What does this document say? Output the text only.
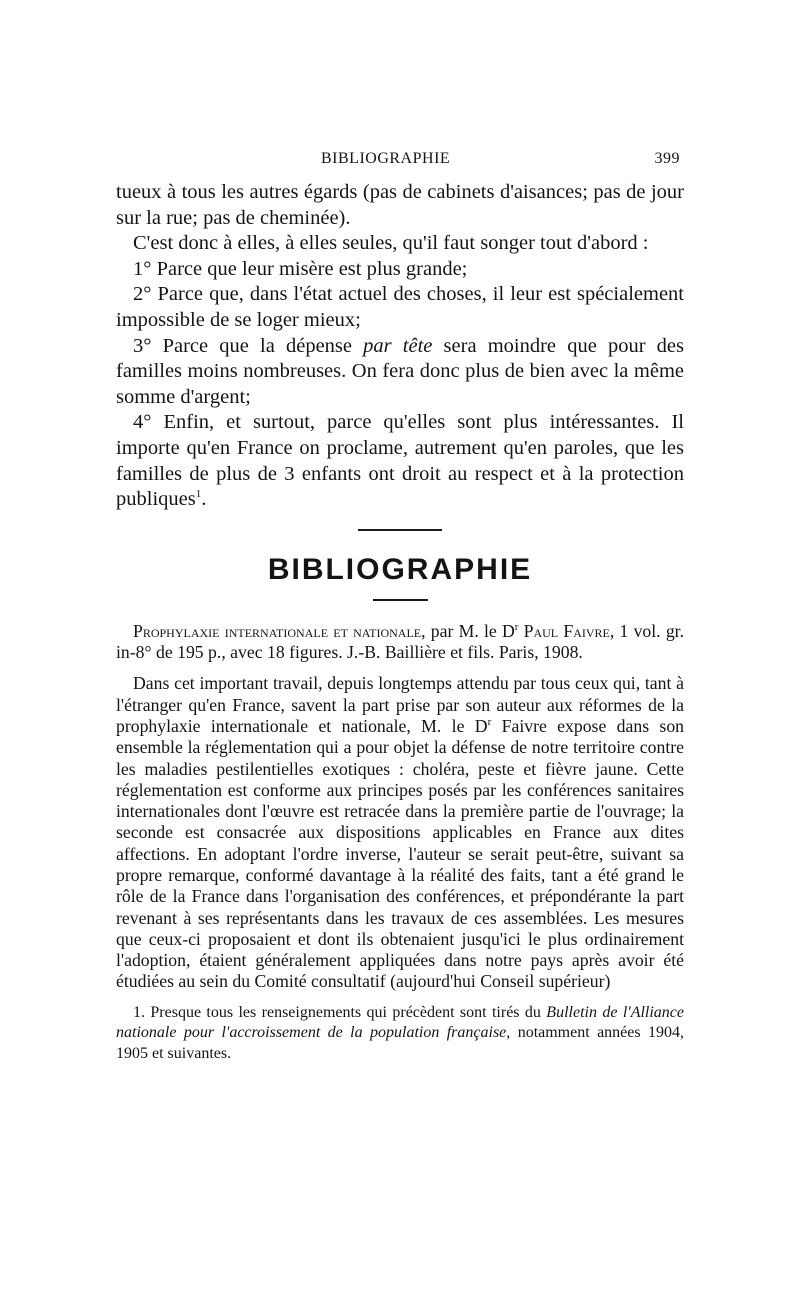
BIBLIOGRAPHIE	399

tueux à tous les autres égards (pas de cabinets d'aisances; pas de jour sur la rue; pas de cheminée).

C'est donc à elles, à elles seules, qu'il faut songer tout d'abord :

1° Parce que leur misère est plus grande;

2° Parce que, dans l'état actuel des choses, il leur est spécialement impossible de se loger mieux;

3° Parce que la dépense par tête sera moindre que pour des familles moins nombreuses. On fera donc plus de bien avec la même somme d'argent;

4° Enfin, et surtout, parce qu'elles sont plus intéressantes. Il importe qu'en France on proclame, autrement qu'en paroles, que les familles de plus de 3 enfants ont droit au respect et à la protection publiques$^1$.

BIBLIOGRAPHIE

Prophylaxie internationale et nationale, par M. le $D^r$ Paul Faivre, 1 vol. gr. in-8° de 195 p., avec 18 figures. J.-B. Baillière et fils. Paris, 1908.

Dans cet important travail, depuis longtemps attendu par tous ceux qui, tant à l'étranger qu'en France, savent la part prise par son auteur aux réformes de la prophylaxie internationale et nationale, M. le $D^r$ Faivre expose dans son ensemble la réglementation qui a pour objet la défense de notre territoire contre les maladies pestilentielles exotiques : choléra, peste et fièvre jaune. Cette réglementation est conforme aux principes posés par les conférences sanitaires internationales dont l'œuvre est retracée dans la première partie de l'ouvrage; la seconde est consacrée aux dispositions applicables en France aux dites affections. En adoptant l'ordre inverse, l'auteur se serait peut-être, suivant sa propre remarque, conformé davantage à la réalité des faits, tant a été grand le rôle de la France dans l'organisation des conférences, et prépondérante la part revenant à ses représentants dans les travaux de ces assemblées. Les mesures que ceux-ci proposaient et dont ils obtenaient jusqu'ici le plus ordinairement l'adoption, étaient généralement appliquées dans notre pays après avoir été étudiées au sein du Comité consultatif (aujourd'hui Conseil supérieur)

1. Presque tous les renseignements qui précèdent sont tirés du Bulletin de l'Alliance nationale pour l'accroissement de la population française, notamment années 1904, 1905 et suivantes.
